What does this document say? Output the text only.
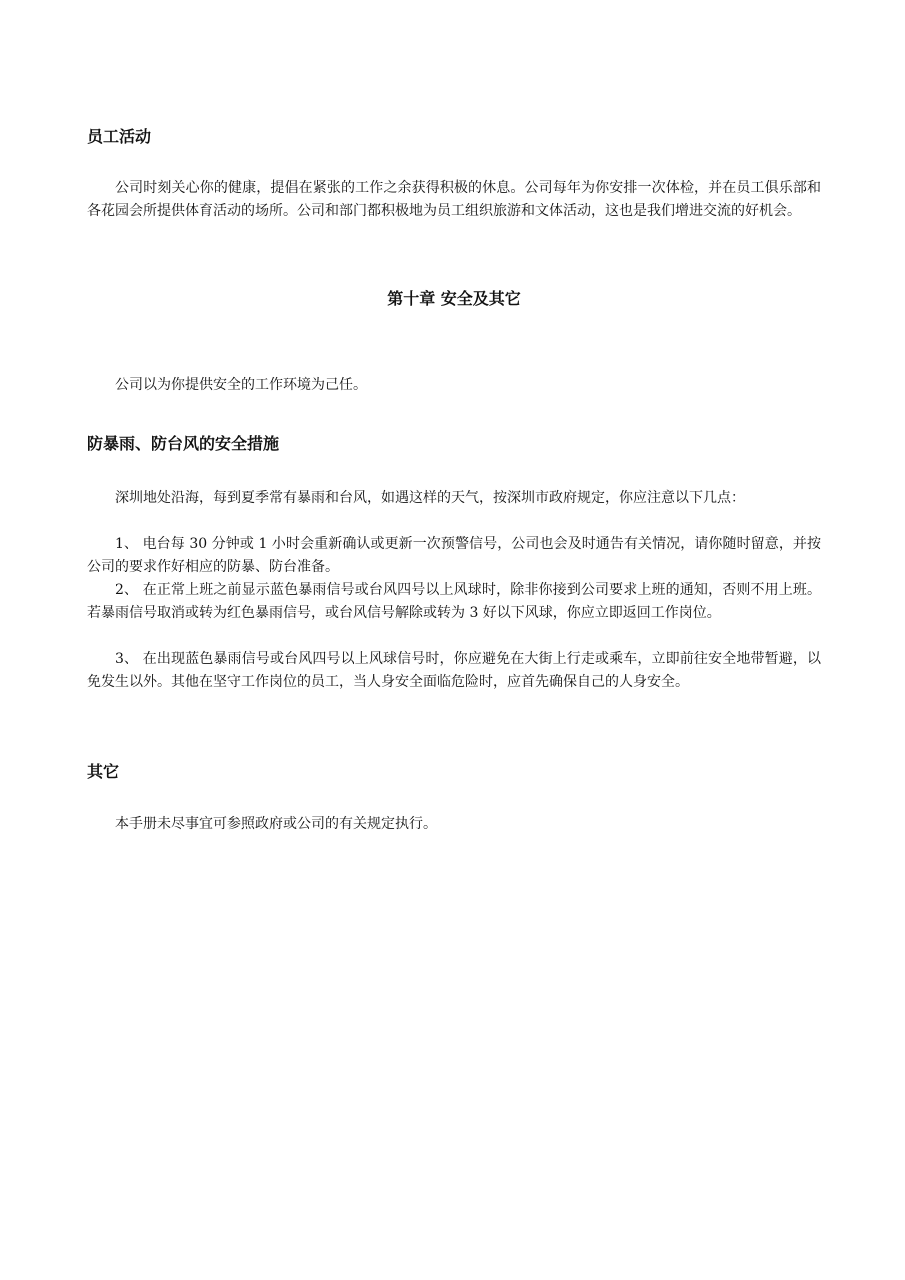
员工活动

公司时刻关心你的健康，提倡在紧张的工作之余获得积极的休息。公司每年为你安排一次体检，并在员工俱乐部和各花园会所提供体育活动的场所。公司和部门都积极地为员工组织旅游和文体活动，这也是我们增进交流的好机会。

第十章 安全及其它

公司以为你提供安全的工作环境为己任。

防暴雨、防台风的安全措施

深圳地处沿海，每到夏季常有暴雨和台风，如遇这样的天气，按深圳市政府规定，你应注意以下几点：

1、 电台每 30 分钟或 1 小时会重新确认或更新一次预警信号，公司也会及时通告有关情况，请你随时留意，并按公司的要求作好相应的防暴、防台准备。

2、 在正常上班之前显示蓝色暴雨信号或台风四号以上风球时，除非你接到公司要求上班的通知，否则不用上班。若暴雨信号取消或转为红色暴雨信号，或台风信号解除或转为 3 好以下风球，你应立即返回工作岗位。

3、 在出现蓝色暴雨信号或台风四号以上风球信号时，你应避免在大街上行走或乘车，立即前往安全地带暂避，以免发生以外。其他在坚守工作岗位的员工，当人身安全面临危险时，应首先确保自己的人身安全。

其它

本手册未尽事宜可参照政府或公司的有关规定执行。
